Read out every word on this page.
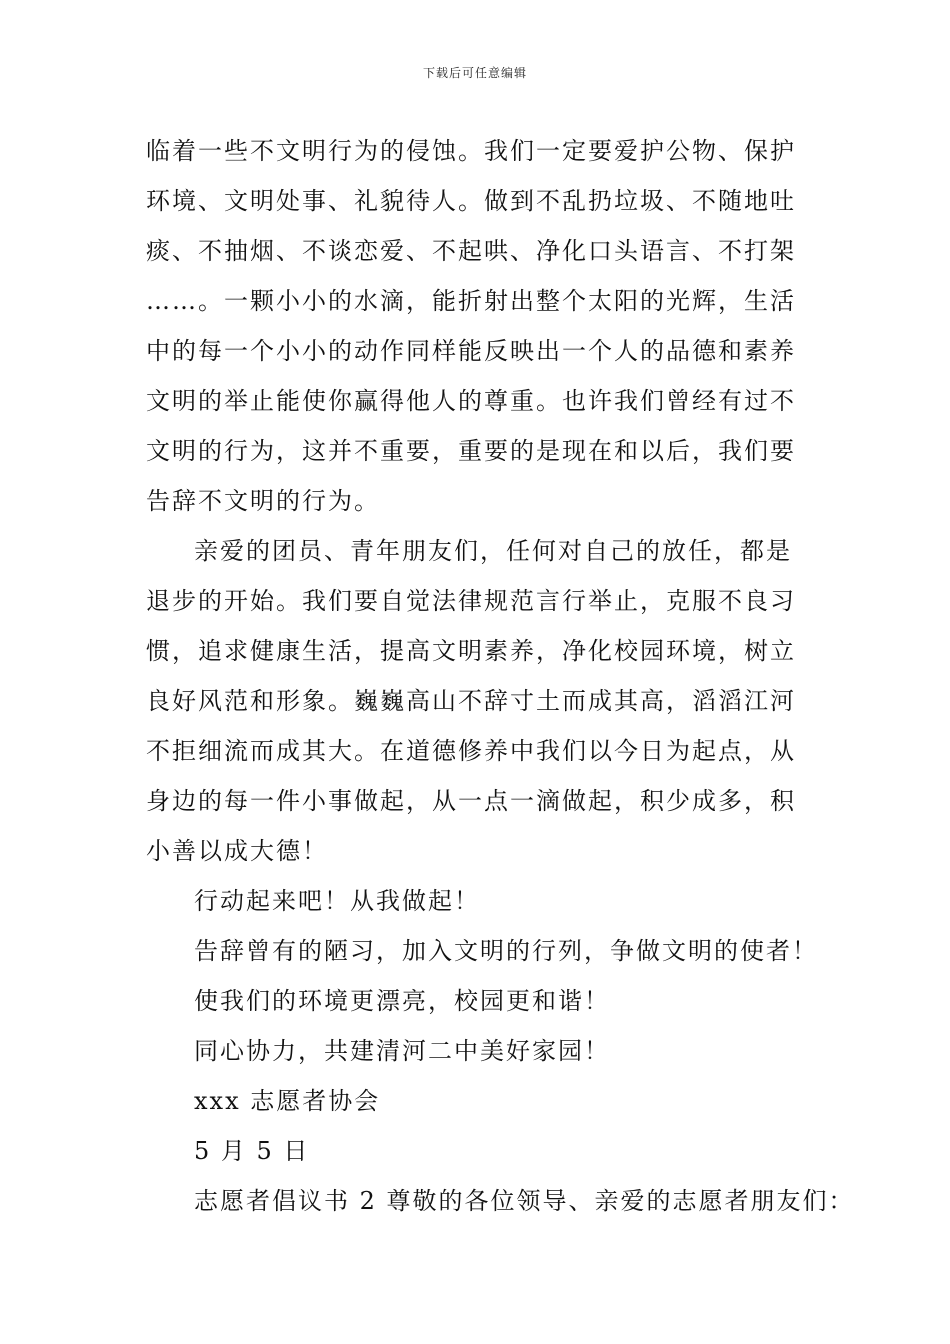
下载后可任意编辑
临着一些不文明行为的侵蚀。我们一定要爱护公物、保护
环境、文明处事、礼貌待人。做到不乱扔垃圾、不随地吐
痰、不抽烟、不谈恋爱、不起哄、净化口头语言、不打架
……。一颗小小的水滴，能折射出整个太阳的光辉，生活
中的每一个小小的动作同样能反映出一个人的品德和素养
文明的举止能使你赢得他人的尊重。也许我们曾经有过不
文明的行为，这并不重要，重要的是现在和以后，我们要
告辞不文明的行为。
亲爱的团员、青年朋友们，任何对自己的放任，都是
退步的开始。我们要自觉法律规范言行举止，克服不良习
惯，追求健康生活，提高文明素养，净化校园环境，树立
良好风范和形象。巍巍高山不辞寸土而成其高，滔滔江河
不拒细流而成其大。在道德修养中我们以今日为起点，从
身边的每一件小事做起，从一点一滴做起，积少成多，积
小善以成大德！
行动起来吧！从我做起！
告辞曾有的陋习，加入文明的行列，争做文明的使者！
使我们的环境更漂亮，校园更和谐！
同心协力，共建清河二中美好家园！
xxx 志愿者协会
5 月 5 日
志愿者倡议书 2 尊敬的各位领导、亲爱的志愿者朋友们：
